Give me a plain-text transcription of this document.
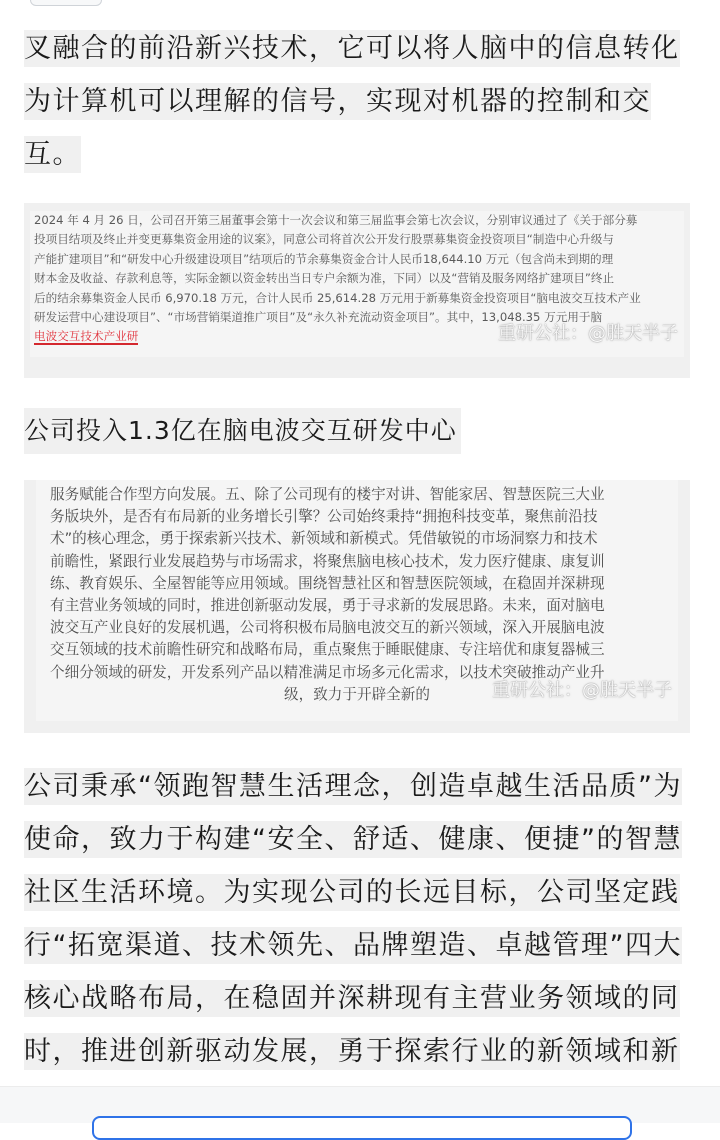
叉融合的前沿新兴技术，它可以将人脑中的信息转化
为计算机可以理解的信号，实现对机器的控制和交
互。
2024 年 4 月 26 日，公司召开第三届董事会第十一次会议和第三届监事会第七次会议，分别审议通过了《关于部分募
投项目结项及终止并变更募集资金用途的议案》，同意公司将首次公开发行股票募集资金投资项目“制造中心升级与
产能扩建项目”和“研发中心升级建设项目”结项后的节余募集资金合计人民币18,644.10 万元（包含尚未到期的理
财本金及收益、存款利息等，实际金额以资金转出当日专户余额为准，下同）以及“营销及服务网络扩建项目”终止
后的结余募集资金人民币 6,970.18 万元，合计人民币 25,614.28 万元用于新募集资金投资项目“脑电波交互技术产业
研发运营中心建设项目”、“市场营销渠道推广项目”及“永久补充流动资金项目”。其中，13,048.35 万元用于脑
电波交互技术产业研	重研公社：@胜天半子
公司投入1.3亿在脑电波交互研发中心
服务赋能合作型方向发展。五、除了公司现有的楼宇对讲、智能家居、智慧医院三大业
务版块外，是否有布局新的业务增长引擎？公司始终秉持“拥抱科技变革，聚焦前沿技
术”的核心理念，勇于探索新兴技术、新领域和新模式。凭借敏锐的市场洞察力和技术
前瞻性，紧跟行业发展趋势与市场需求，将聚焦脑电核心技术，发力医疗健康、康复训
练、教育娱乐、全屋智能等应用领域。围绕智慧社区和智慧医院领域，在稳固并深耕现
有主营业务领域的同时，推进创新驱动发展，勇于寻求新的发展思路。未来，面对脑电
波交互产业良好的发展机遇，公司将积极布局脑电波交互的新兴领域，深入开展脑电波
交互领域的技术前瞻性研究和战略布局，重点聚焦于睡眠健康、专注培优和康复器械三
个细分领域的研发，开发系列产品以精准满足市场多元化需求，以技术突破推动产业升
级，致力于开辟全新的	重研公社：@胜天半子
公司秉承“领跑智慧生活理念，创造卓越生活品质”为
使命，致力于构建“安全、舒适、健康、便捷”的智慧
社区生活环境。为实现公司的长远目标，公司坚定践
行“拓宽渠道、技术领先、品牌塑造、卓越管理”四大
核心战略布局，在稳固并深耕现有主营业务领域的同
时，推进创新驱动发展，勇于探索行业的新领域和新
